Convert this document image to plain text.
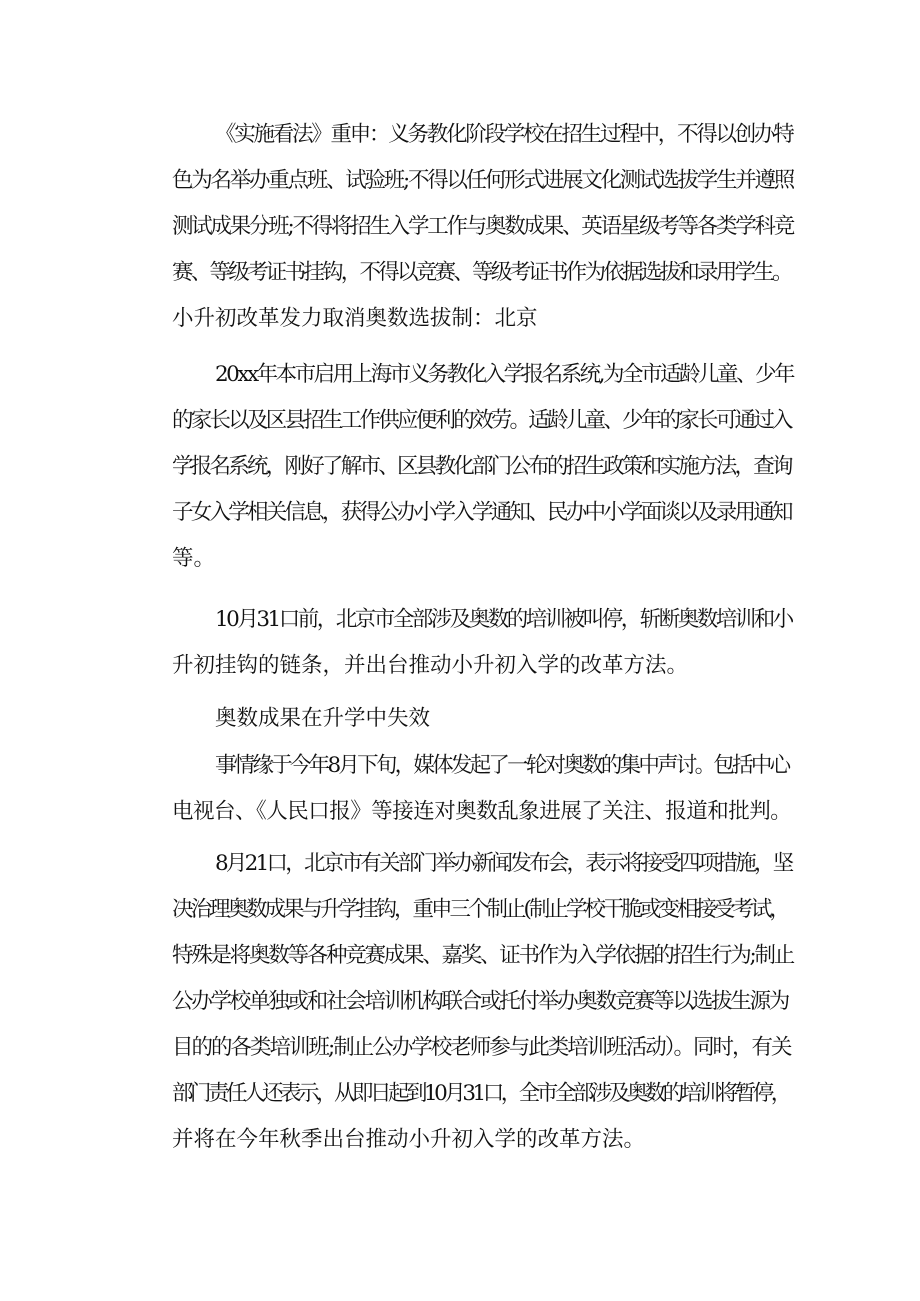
《实施看法》重申：义务教化阶段学校在招生过程中，不得以创办特
色为名举办重点班、试验班;不得以任何形式进展文化测试选拔学生并遵照
测试成果分班;不得将招生入学工作与奥数成果、英语星级考等各类学科竞
赛、等级考证书挂钩，不得以竞赛、等级考证书作为依据选拔和录用学生。
小升初改革发力取消奥数选拔制：北京
20xx年本市启用上海市义务教化入学报名系统,为全市适龄儿童、少年
的家长以及区县招生工作供应便利的效劳。适龄儿童、少年的家长可通过入
学报名系统，刚好了解市、区县教化部门公布的招生政策和实施方法，查询
子女入学相关信息，获得公办小学入学通知、民办中小学面谈以及录用通知
等。
10月31口前，北京市全部涉及奥数的培训被叫停，斩断奥数培训和小
升初挂钩的链条，并出台推动小升初入学的改革方法。
奥数成果在升学中失效
事情缘于今年8月下旬，媒体发起了一轮对奥数的集中声讨。包括中心
电视台、《人民口报》等接连对奥数乱象进展了关注、报道和批判。
8月21口，北京市有关部门举办新闻发布会，表示将接受四项措施，坚
决治理奥数成果与升学挂钩，重申三个制止(制止学校干脆或变相接受考试，
特殊是将奥数等各种竞赛成果、嘉奖、证书作为入学依据的招生行为;制止
公办学校单独或和社会培训机构联合或托付举办奥数竞赛等以选拔生源为
目的的各类培训班;制止公办学校老师参与此类培训班活动）。同时，有关
部门责任人还表示，从即日起到10月31口，全市全部涉及奥数的培训将暂停，
并将在今年秋季出台推动小升初入学的改革方法。
